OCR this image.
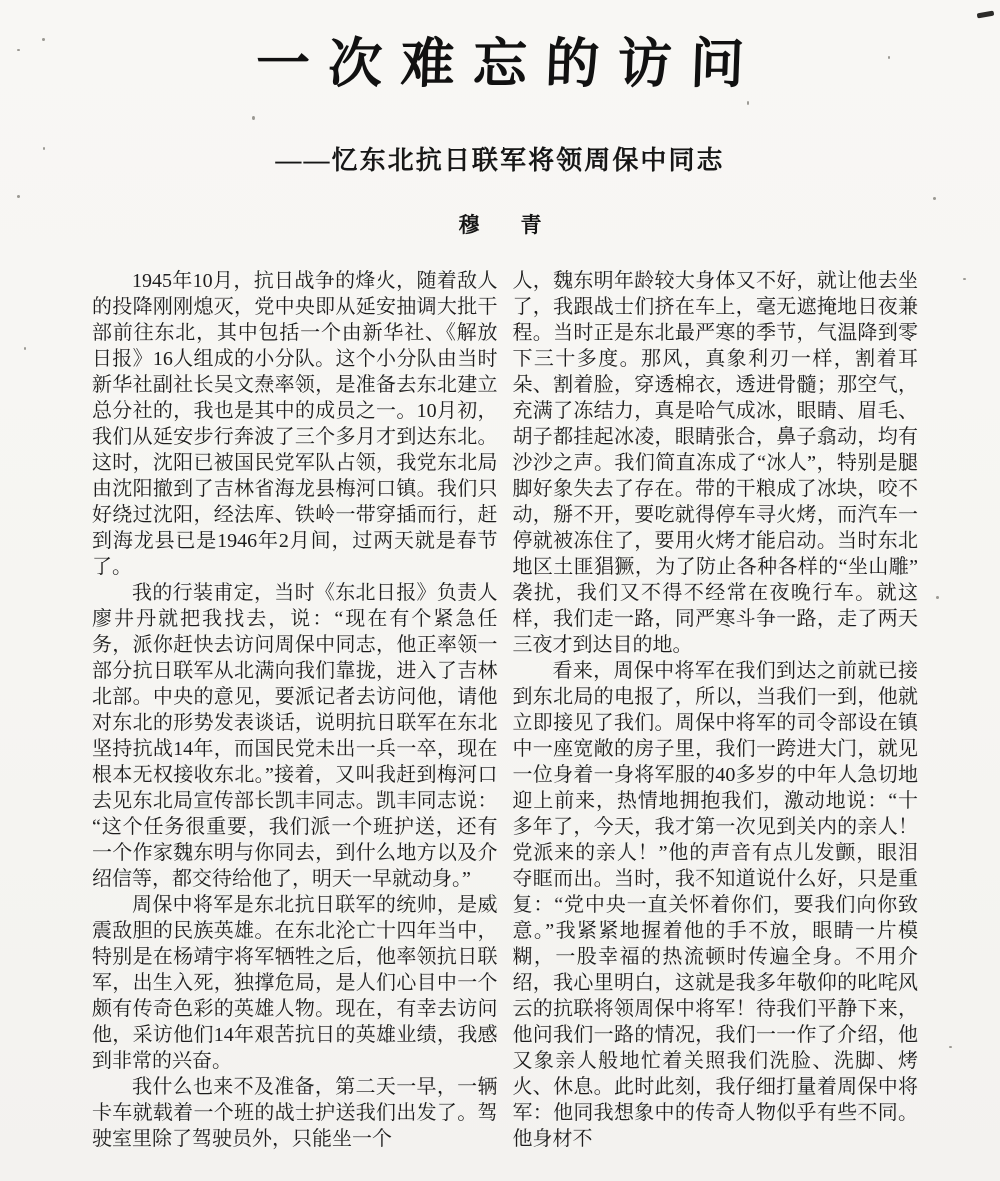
一次难忘的访问
——忆东北抗日联军将领周保中同志
穆 青

1945年10月，抗日战争的烽火，随着敌人的投降刚刚熄灭，党中央即从延安抽调大批干部前往东北，其中包括一个由新华社、《解放日报》16人组成的小分队。这个小分队由当时新华社副社长吴文焘率领，是准备去东北建立总分社的，我也是其中的成员之一。10月初，我们从延安步行奔波了三个多月才到达东北。这时，沈阳已被国民党军队占领，我党东北局由沈阳撤到了吉林省海龙县梅河口镇。我们只好绕过沈阳，经法库、铁岭一带穿插而行，赶到海龙县已是1946年2月间，过两天就是春节了。

我的行装甫定，当时《东北日报》负责人廖井丹就把我找去，说：“现在有个紧急任务，派你赶快去访问周保中同志，他正率领一部分抗日联军从北满向我们靠拢，进入了吉林北部。中央的意见，要派记者去访问他，请他对东北的形势发表谈话，说明抗日联军在东北坚持抗战14年，而国民党未出一兵一卒，现在根本无权接收东北。”接着，又叫我赶到梅河口去见东北局宣传部长凯丰同志。凯丰同志说：“这个任务很重要，我们派一个班护送，还有一个作家魏东明与你同去，到什么地方以及介绍信等，都交待给他了，明天一早就动身。”

周保中将军是东北抗日联军的统帅，是威震敌胆的民族英雄。在东北沦亡十四年当中，特别是在杨靖宇将军牺牲之后，他率领抗日联军，出生入死，独撑危局，是人们心目中一个颇有传奇色彩的英雄人物。现在，有幸去访问他，采访他们14年艰苦抗日的英雄业绩，我感到非常的兴奋。

我什么也来不及准备，第二天一早，一辆卡车就载着一个班的战士护送我们出发了。驾驶室里除了驾驶员外，只能坐一个

人，魏东明年龄较大身体又不好，就让他去坐了，我跟战士们挤在车上，毫无遮掩地日夜兼程。当时正是东北最严寒的季节，气温降到零下三十多度。那风，真象利刃一样，割着耳朵、割着脸，穿透棉衣，透进骨髓；那空气，充满了冻结力，真是哈气成冰，眼睛、眉毛、胡子都挂起冰凌，眼睛张合，鼻子翕动，均有沙沙之声。我们简直冻成了“冰人”，特别是腿脚好象失去了存在。带的干粮成了冰块，咬不动，掰不开，要吃就得停车寻火烤，而汽车一停就被冻住了，要用火烤才能启动。当时东北地区土匪猖獗，为了防止各种各样的“坐山雕”袭扰，我们又不得不经常在夜晚行车。就这样，我们走一路，同严寒斗争一路，走了两天三夜才到达目的地。

看来，周保中将军在我们到达之前就已接到东北局的电报了，所以，当我们一到，他就立即接见了我们。周保中将军的司令部设在镇中一座宽敞的房子里，我们一跨进大门，就见一位身着一身将军服的40多岁的中年人急切地迎上前来，热情地拥抱我们，激动地说：“十多年了，今天，我才第一次见到关内的亲人！党派来的亲人！”他的声音有点儿发颤，眼泪夺眶而出。当时，我不知道说什么好，只是重复：“党中央一直关怀着你们，要我们向你致意。”我紧紧地握着他的手不放，眼睛一片模糊，一股幸福的热流顿时传遍全身。不用介绍，我心里明白，这就是我多年敬仰的叱咤风云的抗联将领周保中将军！待我们平静下来，他问我们一路的情况，我们一一作了介绍，他又象亲人般地忙着关照我们洗脸、洗脚、烤火、休息。此时此刻，我仔细打量着周保中将军：他同我想象中的传奇人物似乎有些不同。他身材不
